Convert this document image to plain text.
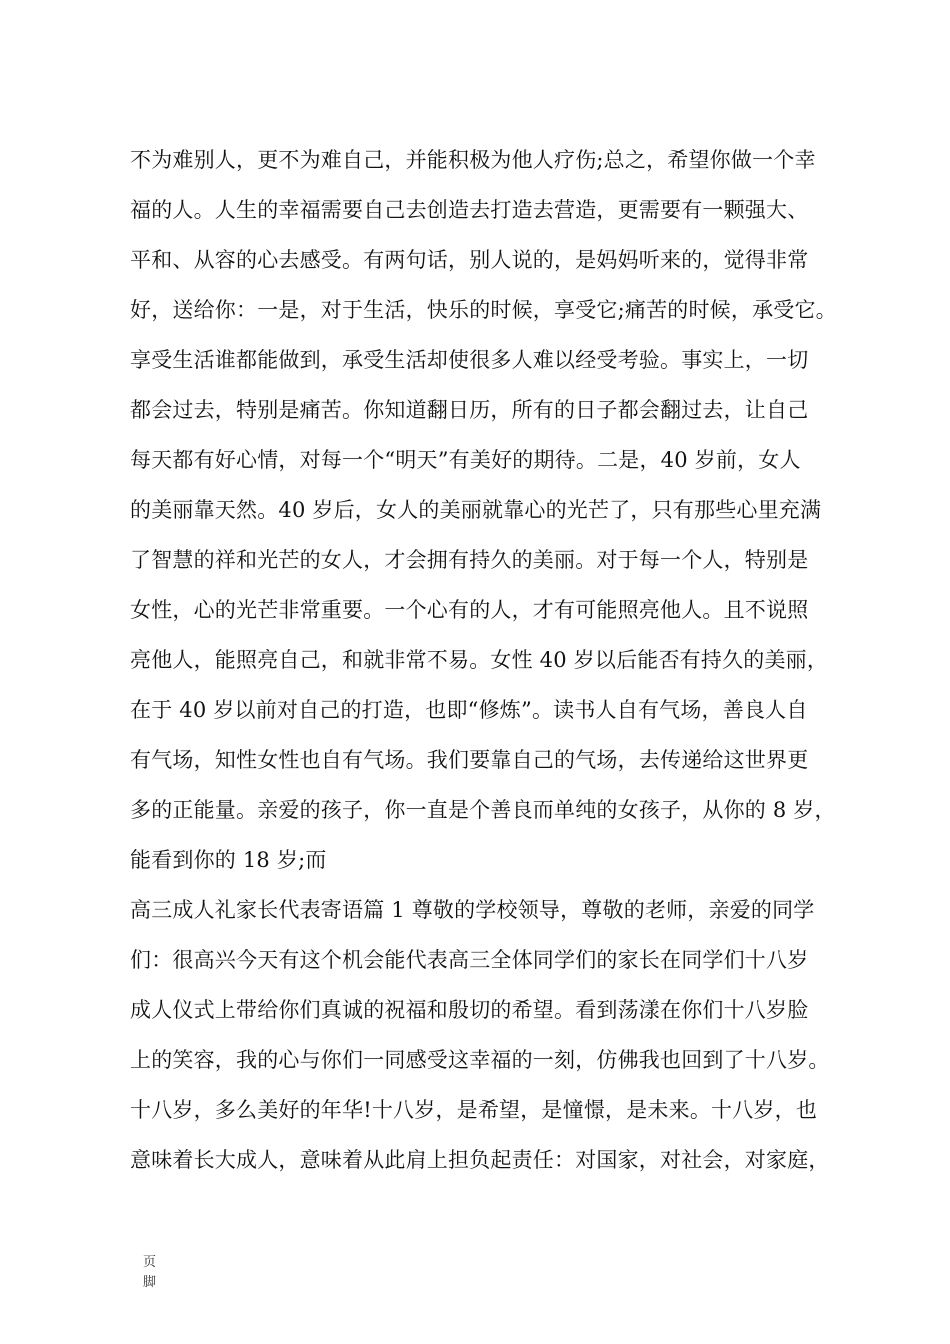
不为难别人，更不为难自己，并能积极为他人疗伤;总之，希望你做一个幸
福的人。人生的幸福需要自己去创造去打造去营造，更需要有一颗强大、
平和、从容的心去感受。有两句话，别人说的，是妈妈听来的，觉得非常
好，送给你：一是，对于生活，快乐的时候，享受它;痛苦的时候，承受它。
享受生活谁都能做到，承受生活却使很多人难以经受考验。事实上，一切
都会过去，特别是痛苦。你知道翻日历，所有的日子都会翻过去，让自己
每天都有好心情，对每一个“明天”有美好的期待。二是，40 岁前，女人
的美丽靠天然。40 岁后，女人的美丽就靠心的光芒了，只有那些心里充满
了智慧的祥和光芒的女人，才会拥有持久的美丽。对于每一个人，特别是
女性，心的光芒非常重要。一个心有的人，才有可能照亮他人。且不说照
亮他人，能照亮自己，和就非常不易。女性 40 岁以后能否有持久的美丽，
在于 40 岁以前对自己的打造，也即“修炼”。读书人自有气场，善良人自
有气场，知性女性也自有气场。我们要靠自己的气场，去传递给这世界更
多的正能量。亲爱的孩子，你一直是个善良而单纯的女孩子，从你的 8 岁，
能看到你的 18 岁;而
高三成人礼家长代表寄语篇 1 尊敬的学校领导，尊敬的老师，亲爱的同学
们：很高兴今天有这个机会能代表高三全体同学们的家长在同学们十八岁
成人仪式上带给你们真诚的祝福和殷切的希望。看到荡漾在你们十八岁脸
上的笑容，我的心与你们一同感受这幸福的一刻，仿佛我也回到了十八岁。
十八岁，多么美好的年华!十八岁，是希望，是憧憬，是未来。十八岁，也
意味着长大成人，意味着从此肩上担负起责任：对国家，对社会，对家庭，
页脚
